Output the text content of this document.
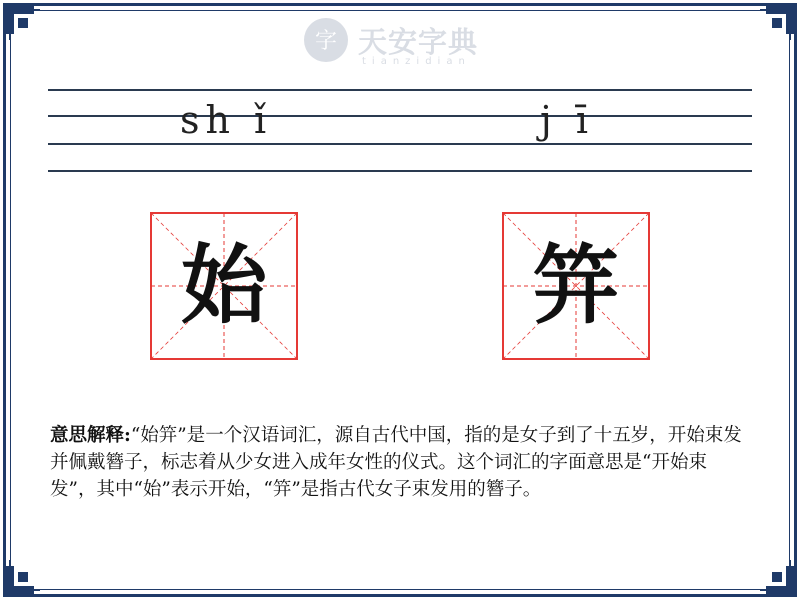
字 天安字典
tianzidian
sh ǐ	j ī
始	笄
意思解释:“始笄”是一个汉语词汇，源自古代中国，指的是女子到了十五岁，开始束发并佩戴簪子，标志着从少女进入成年女性的仪式。这个词汇的字面意思是“开始束发”，其中“始”表示开始，“笄”是指古代女子束发用的簪子。
